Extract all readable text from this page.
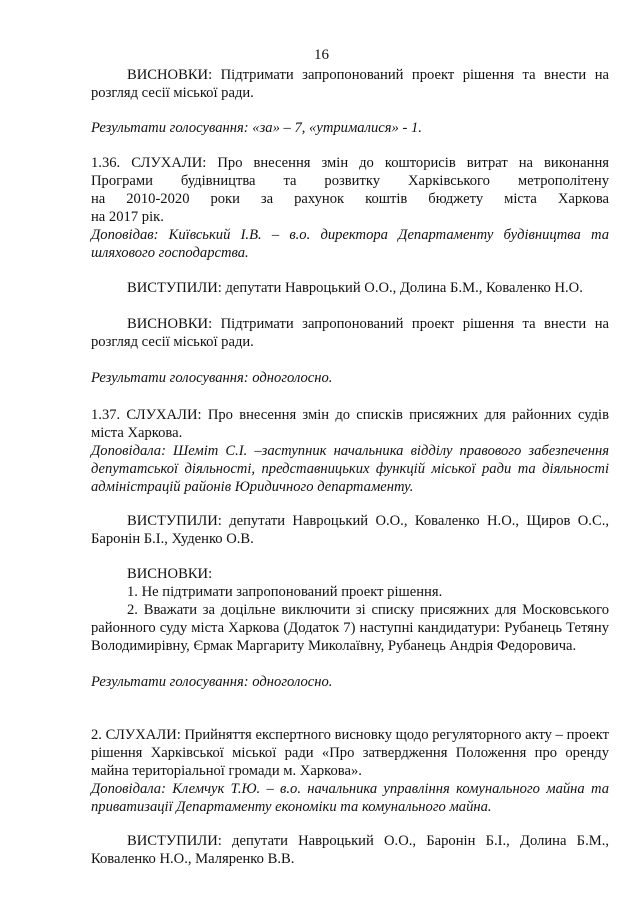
16

ВИСНОВКИ: Підтримати запропонований проект рішення та внести на розгляд сесії міської ради.

Результати голосування: «за» – 7, «утрималися» - 1.

1.36. СЛУХАЛИ: Про внесення змін до кошторисів витрат на виконання

Програми будівництва та розвитку Харківського метрополітену

на 2010-2020 роки за рахунок коштів бюджету міста Харкова

на 2017 рік.

Доповідав: Київський І.В. – в.о. директора Департаменту будівництва та шляхового господарства.

ВИСТУПИЛИ: депутати Навроцький О.О., Долина Б.М., Коваленко Н.О.

ВИСНОВКИ: Підтримати запропонований проект рішення та внести на розгляд сесії міської ради.

Результати голосування: одноголосно.

1.37. СЛУХАЛИ: Про внесення змін до списків присяжних для районних судів міста Харкова.

Доповідала: Шеміт С.І. –заступник начальника відділу правового забезпечення депутатської діяльності, представницьких функцій міської ради та діяльності адміністрацій районів Юридичного департаменту.

ВИСТУПИЛИ: депутати Навроцький О.О., Коваленко Н.О., Щиров О.С., Баронін Б.І., Худенко О.В.

ВИСНОВКИ:

1. Не підтримати запропонований проект рішення.

2. Вважати за доцільне виключити зі списку присяжних для Московського районного суду міста Харкова (Додаток 7) наступні кандидатури: Рубанець Тетяну Володимирівну, Єрмак Маргариту Миколаївну, Рубанець Андрія Федоровича.

Результати голосування: одноголосно.

2. СЛУХАЛИ: Прийняття експертного висновку щодо регуляторного акту – проект рішення Харківської міської ради «Про затвердження Положення про оренду майна територіальної громади м. Харкова».

Доповідала: Клемчук Т.Ю. – в.о. начальника управління комунального майна та приватизації Департаменту економіки та комунального майна.

ВИСТУПИЛИ: депутати Навроцький О.О., Баронін Б.І., Долина Б.М., Коваленко Н.О., Маляренко В.В.
